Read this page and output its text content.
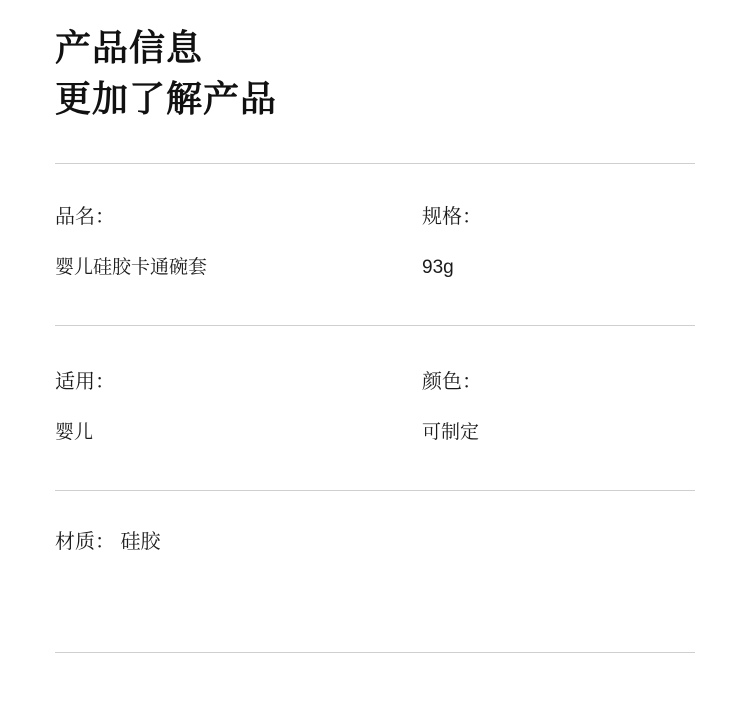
产品信息
更加了解产品
品名：
婴儿硅胶卡通碗套
规格：
93g
适用：
婴儿
颜色：
可制定
材质： 硅胶
